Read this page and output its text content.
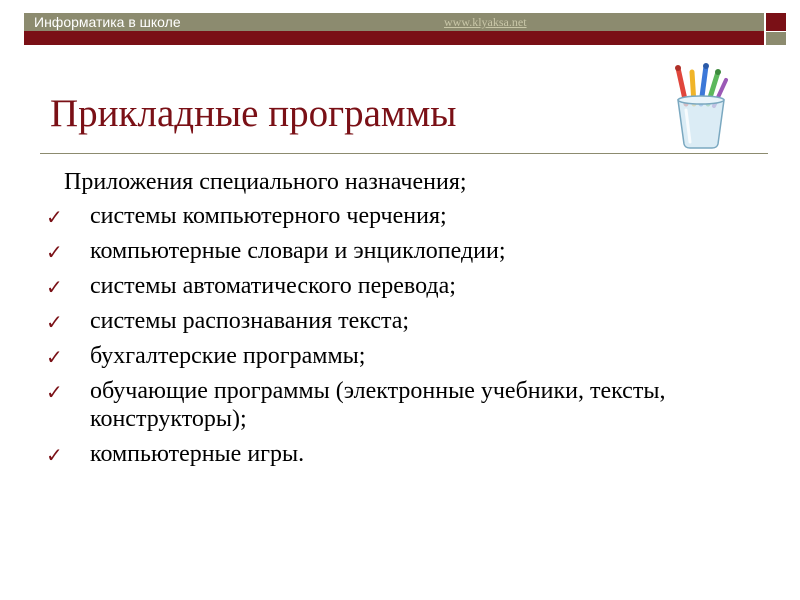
Информатика в школе	www.klyaksa.net
Прикладные программы
Приложения специального назначения;
✓	системы компьютерного черчения;
✓	компьютерные словари и энциклопедии;
✓	системы автоматического перевода;
✓	системы распознавания текста;
✓	бухгалтерские программы;
✓	обучающие программы (электронные учебники, тексты, конструкторы);
✓	компьютерные игры.
